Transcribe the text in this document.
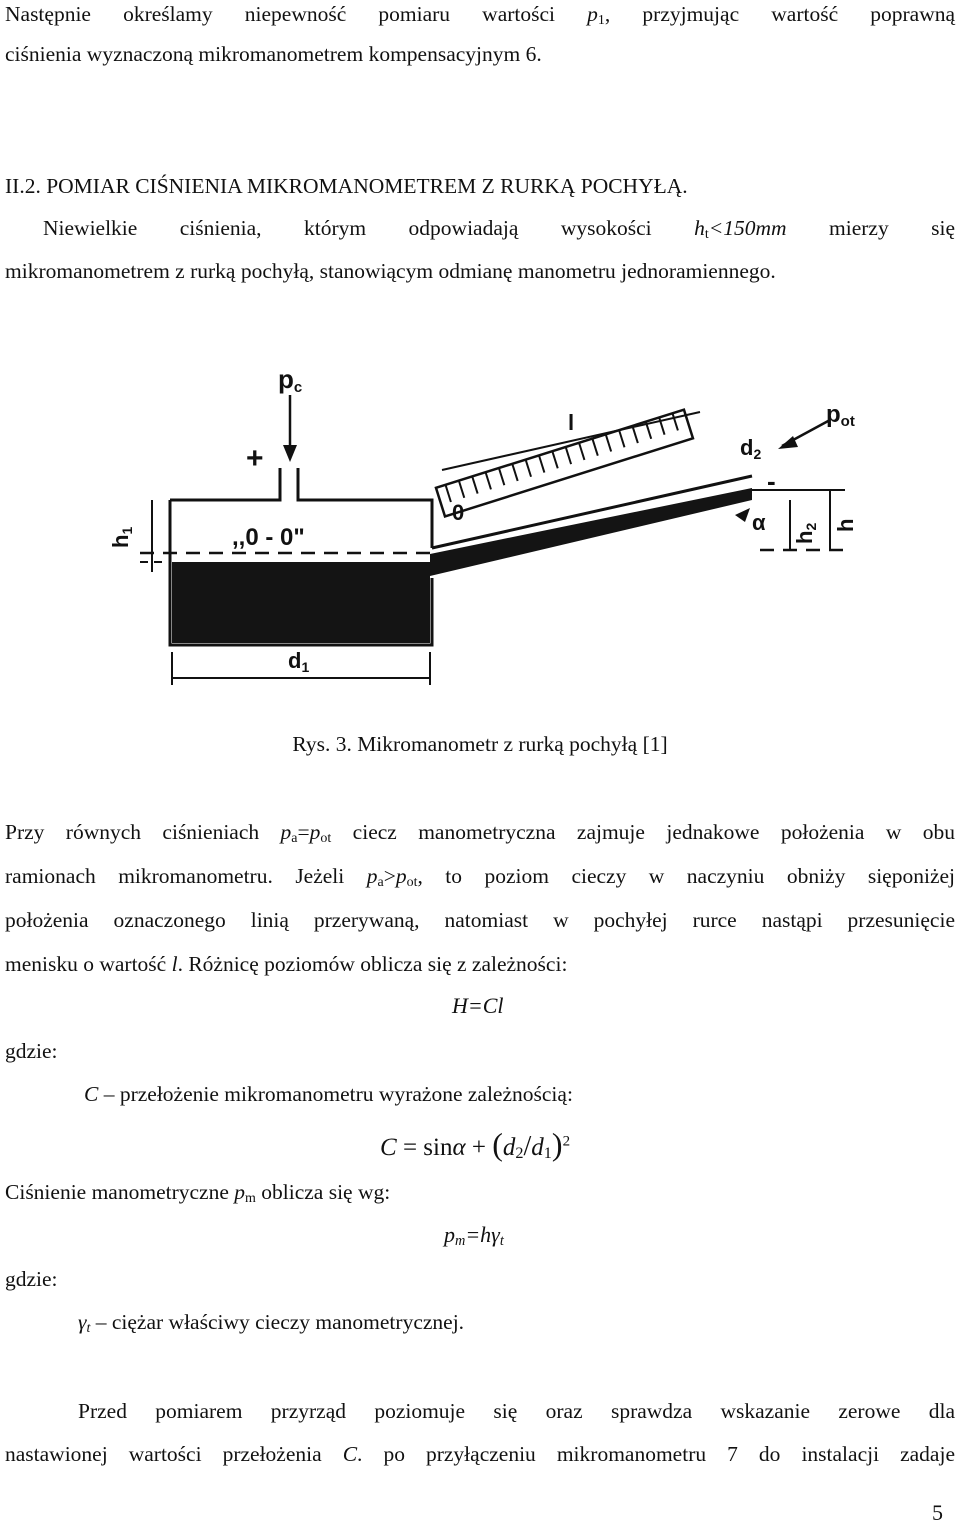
Następnie określamy niepewność pomiaru wartości $p_1$, przyjmując wartość poprawną
ciśnienia wyznaczoną mikromanometrem kompensacyjnym 6.
II.2. POMIAR CIŚNIENIA MIKROMANOMETREM Z RURKĄ POCHYŁĄ.
Niewielkie ciśnienia, którym odpowiadają wysokości $h_t<150mm$ mierzy się
mikromanometrem z rurką pochyłą, stanowiącym odmianę manometru jednoramiennego.
pc
+
pot
-
,,0 - 0"
0
l
d2
d1
h1	h2 h
α
Rys. 3. Mikromanometr z rurką pochyłą [1]
Przy równych ciśnieniach $p_a=p_{ot}$ ciecz manometryczna zajmuje jednakowe położenia w obu
ramionach mikromanometru. Jeżeli $p_a>p_{ot}$, to poziom cieczy w naczyniu obniży sięponiżej
położenia oznaczonego linią przerywaną, natomiast w pochyłej rurce nastąpi przesunięcie
menisku o wartość l. Różnicę poziomów oblicza się z zależności:
H=Cl
gdzie:
C – przełożenie mikromanometru wyrażone zależnością:
$C = \sin\alpha + (d_2/d_1)^2$
Ciśnienie manometryczne $p_m$ oblicza się wg:
$p_m=h\gamma_t$
gdzie:
$\gamma_t$ – ciężar właściwy cieczy manometrycznej.
Przed pomiarem przyrząd poziomuje się oraz sprawdza wskazanie zerowe dla
nastawionej wartości przełożenia C. po przyłączeniu mikromanometru 7 do instalacji zadaje
5
